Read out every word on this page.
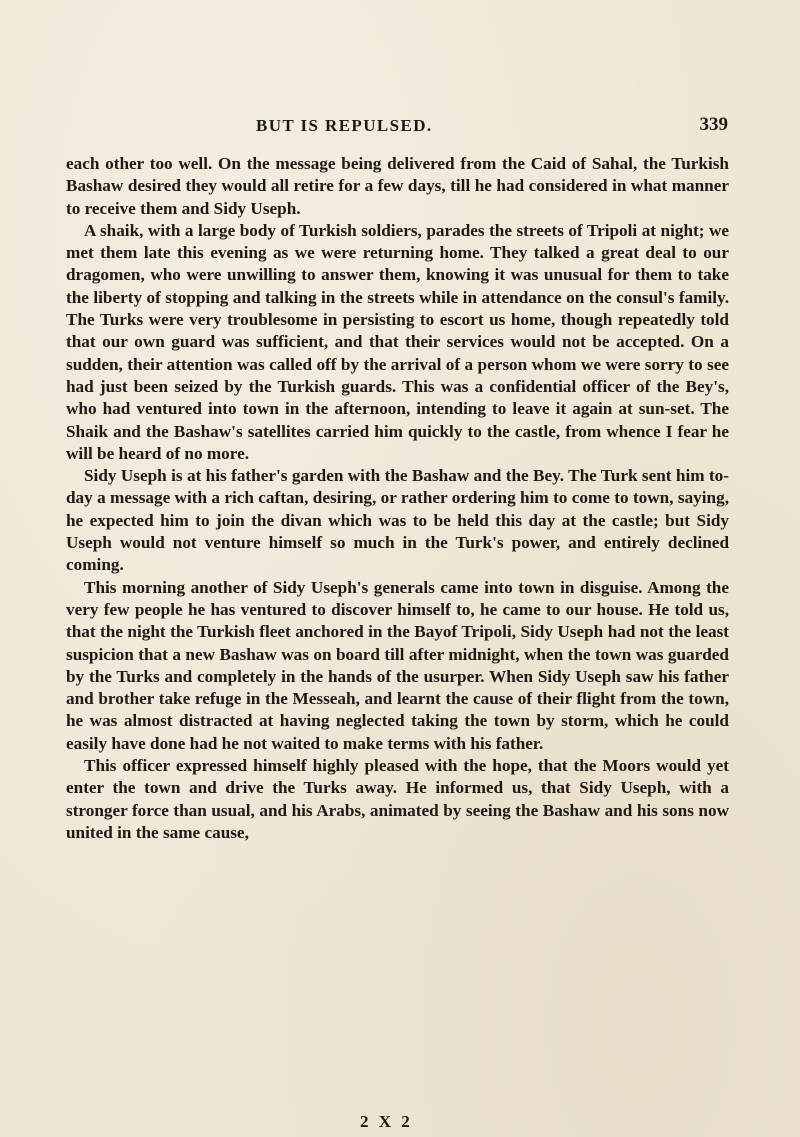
BUT IS REPULSED.	339

each other too well. On the message being delivered from the Caid of Sahal, the Turkish Bashaw desired they would all retire for a few days, till he had considered in what manner to receive them and Sidy Useph.

A shaik, with a large body of Turkish soldiers, parades the streets of Tripoli at night; we met them late this evening as we were returning home. They talked a great deal to our dragomen, who were unwilling to answer them, knowing it was unusual for them to take the liberty of stopping and talking in the streets while in attendance on the consul's family. The Turks were very troublesome in persisting to escort us home, though repeatedly told that our own guard was sufficient, and that their services would not be accepted. On a sudden, their attention was called off by the arrival of a person whom we were sorry to see had just been seized by the Turkish guards. This was a confidential officer of the Bey's, who had ventured into town in the afternoon, intending to leave it again at sun-set. The Shaik and the Bashaw's satellites carried him quickly to the castle, from whence I fear he will be heard of no more.

Sidy Useph is at his father's garden with the Bashaw and the Bey. The Turk sent him to-day a message with a rich caftan, desiring, or rather ordering him to come to town, saying, he expected him to join the divan which was to be held this day at the castle; but Sidy Useph would not venture himself so much in the Turk's power, and entirely declined coming.

This morning another of Sidy Useph's generals came into town in disguise. Among the very few people he has ventured to discover himself to, he came to our house. He told us, that the night the Turkish fleet anchored in the Bayof Tripoli, Sidy Useph had not the least suspicion that a new Bashaw was on board till after midnight, when the town was guarded by the Turks and completely in the hands of the usurper. When Sidy Useph saw his father and brother take refuge in the Messeah, and learnt the cause of their flight from the town, he was almost distracted at having neglected taking the town by storm, which he could easily have done had he not waited to make terms with his father.

This officer expressed himself highly pleased with the hope, that the Moors would yet enter the town and drive the Turks away. He informed us, that Sidy Useph, with a stronger force than usual, and his Arabs, animated by seeing the Bashaw and his sons now united in the same cause,

2 X 2
